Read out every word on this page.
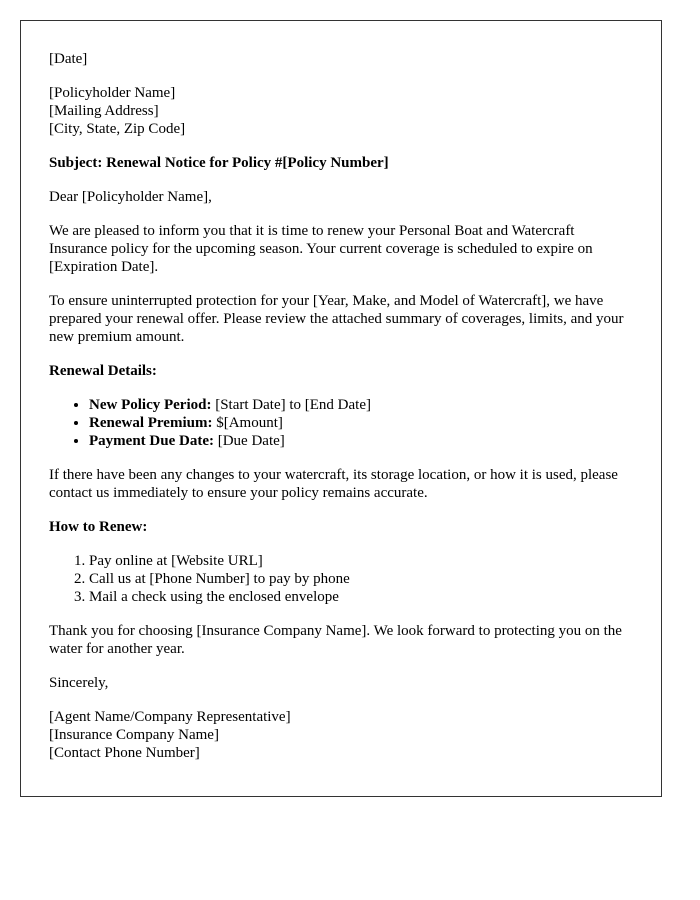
[Date]

[Policyholder Name]
[Mailing Address]
[City, State, Zip Code]

Subject: Renewal Notice for Policy #[Policy Number]

Dear [Policyholder Name],

We are pleased to inform you that it is time to renew your Personal Boat and Watercraft Insurance policy for the upcoming season. Your current coverage is scheduled to expire on [Expiration Date].

To ensure uninterrupted protection for your [Year, Make, and Model of Watercraft], we have prepared your renewal offer. Please review the attached summary of coverages, limits, and your new premium amount.

Renewal Details:

• New Policy Period: [Start Date] to [End Date]
• Renewal Premium: $[Amount]
• Payment Due Date: [Due Date]

If there have been any changes to your watercraft, its storage location, or how it is used, please contact us immediately to ensure your policy remains accurate.

How to Renew:

1. Pay online at [Website URL]
2. Call us at [Phone Number] to pay by phone
3. Mail a check using the enclosed envelope

Thank you for choosing [Insurance Company Name]. We look forward to protecting you on the water for another year.

Sincerely,

[Agent Name/Company Representative]
[Insurance Company Name]
[Contact Phone Number]
